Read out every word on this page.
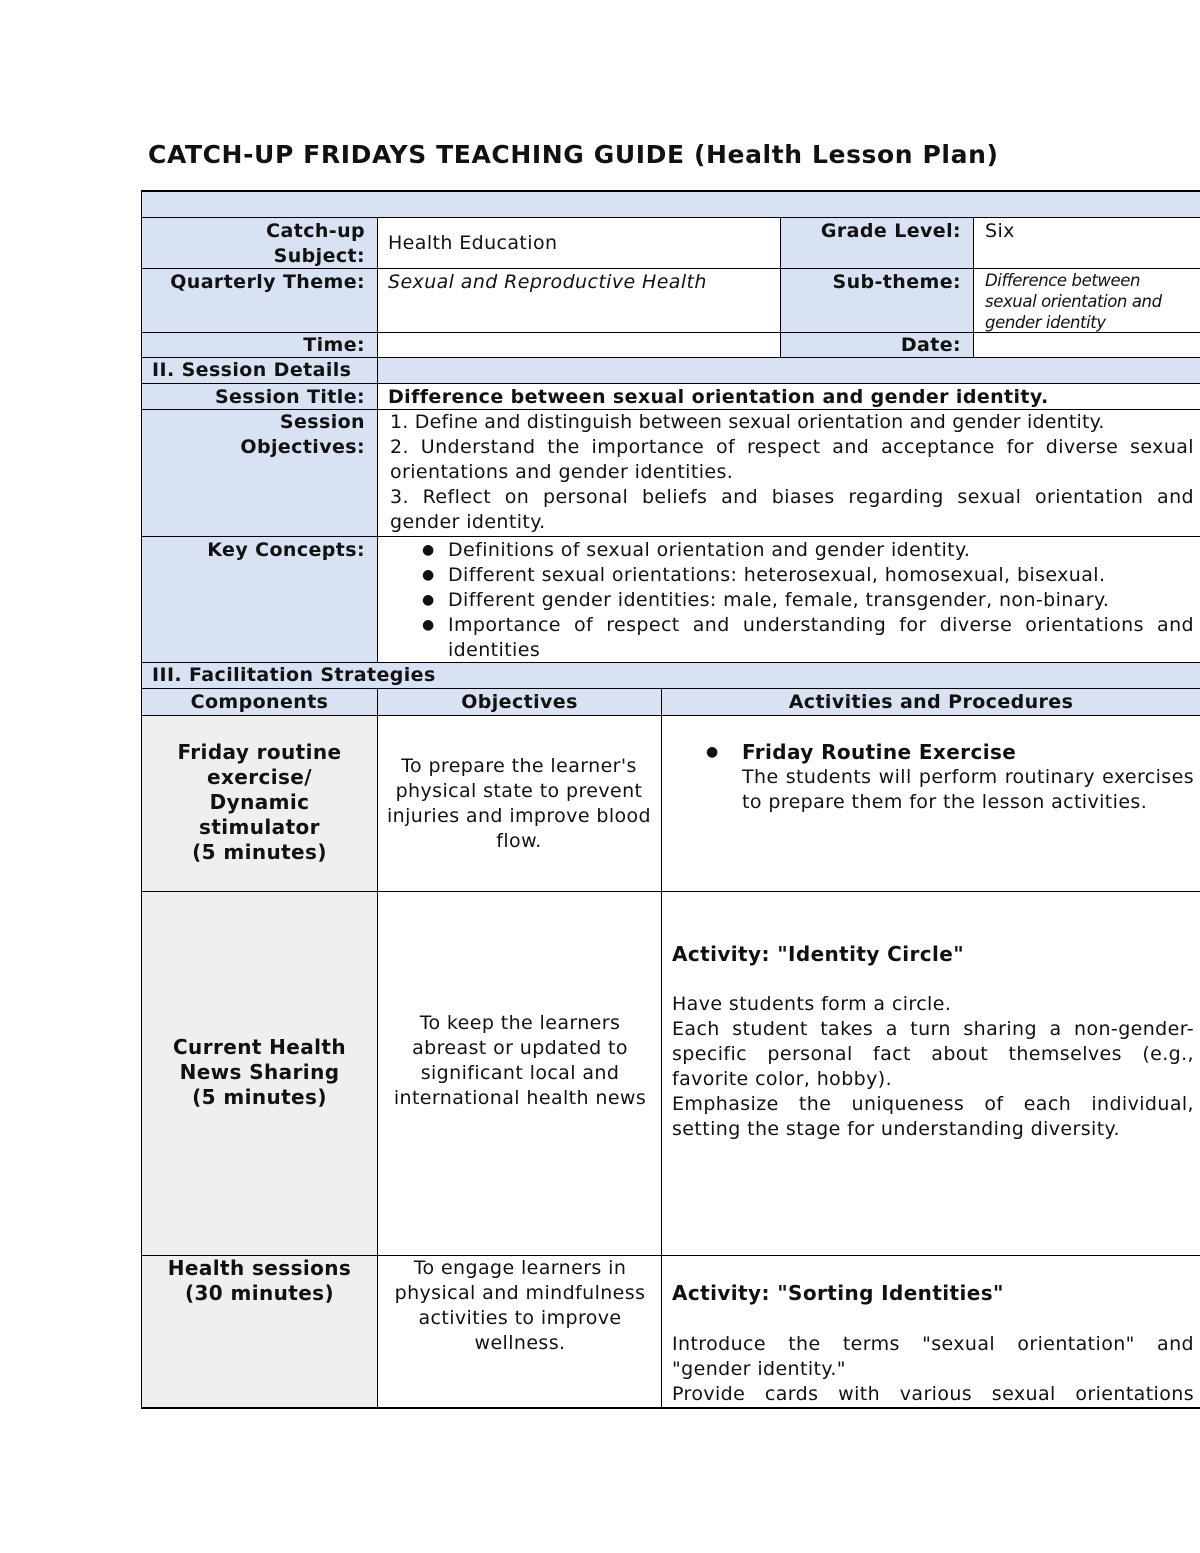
CATCH-UP FRIDAYS TEACHING GUIDE (Health Lesson Plan)
Catch-up
Subject:
Health Education
Grade Level:	Six
Quarterly Theme:	Sexual and Reproductive Health	Sub-theme:	Difference between sexual orientation and gender identity
Time:	Date:
II. Session Details
Session Title:	Difference between sexual orientation and gender identity.
Session
Objectives:

1. Define and distinguish between sexual orientation and gender identity.

2. Understand the importance of respect and acceptance for diverse sexual orientations and gender identities.

3. Reflect on personal beliefs and biases regarding sexual orientation and gender identity.

Key Concepts:
●	Definitions of sexual orientation and gender identity.
● Different sexual orientations: heterosexual, homosexual, bisexual.
● Different gender identities: male, female, transgender, non-binary.
● Importance of respect and understanding for diverse orientations and identities
III. Facilitation Strategies
Components	Objectives	Activities and Procedures
Friday routine
exercise/
Dynamic
stimulator
(5 minutes)
To prepare the learner's physical state to prevent injuries and improve blood flow.
● Friday Routine Exercise
The students will perform routinary exercises to prepare them for the lesson activities.
Current Health
News Sharing
(5 minutes)
To keep the learners abreast or updated to significant local and international health news
Activity: "Identity Circle"

Have students form a circle.

Each student takes a turn sharing a non-gender-specific personal fact about themselves (e.g., favorite color, hobby).

Emphasize the uniqueness of each individual, setting the stage for understanding diversity.

Health sessions
(30 minutes)
To engage learners in physical and mindfulness activities to improve wellness.
Activity: "Sorting Identities"

Introduce the terms "sexual orientation" and "gender identity."

Provide cards with various sexual orientations
